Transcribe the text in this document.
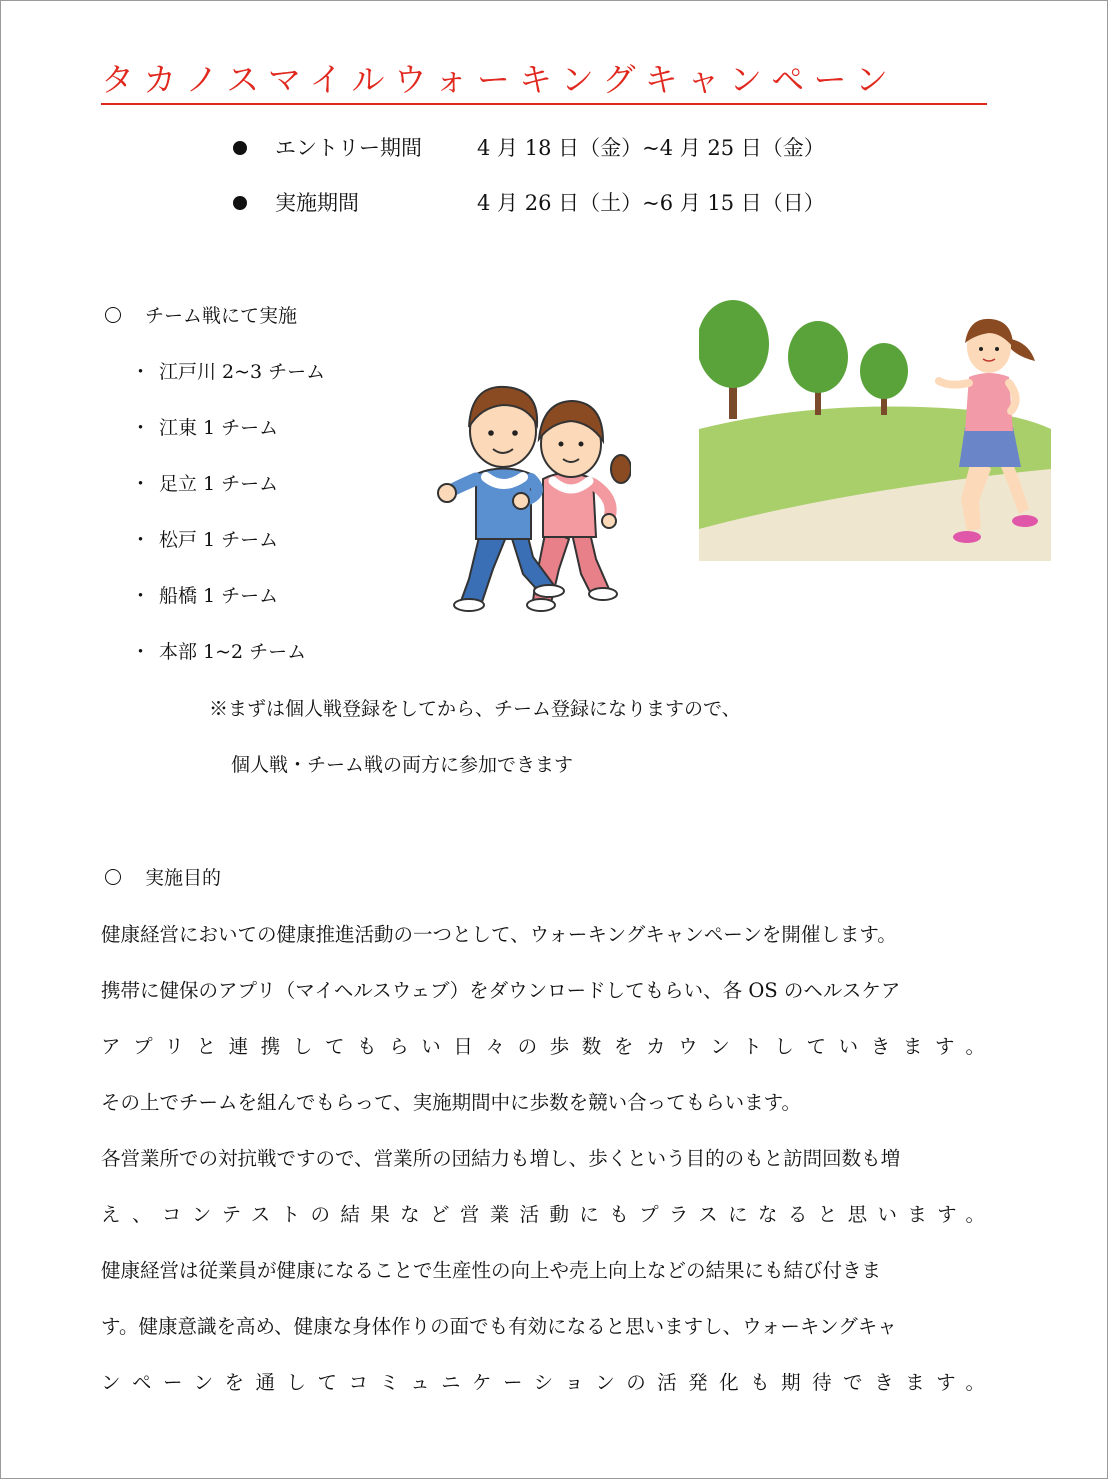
タカノスマイルウォーキングキャンペーン
エントリー期間	4 月 18 日（金）~4 月 25 日（金）
実施期間	4 月 26 日（土）~6 月 15 日（日）
チーム戦にて実施
・ 江戸川 2~3 チーム
・ 江東 1 チーム
・ 足立 1 チーム
・ 松戸 1 チーム
・ 船橋 1 チーム
・ 本部 1~2 チーム
※まずは個人戦登録をしてから、チーム登録になりますので、
個人戦・チーム戦の両方に参加できます
実施目的
健康経営においての健康推進活動の一つとして、ウォーキングキャンペーンを開催します。
携帯に健保のアプリ（マイヘルスウェブ）をダウンロードしてもらい、各 OS のヘルスケア
アプリと連携してもらい日々の歩数をカウントしていきます。
その上でチームを組んでもらって、実施期間中に歩数を競い合ってもらいます。
各営業所での対抗戦ですので、営業所の団結力も増し、歩くという目的のもと訪問回数も増
え、コンテストの結果など営業活動にもプラスになると思います。
健康経営は従業員が健康になることで生産性の向上や売上向上などの結果にも結び付きま
す。健康意識を高め、健康な身体作りの面でも有効になると思いますし、ウォーキングキャ
ンペーンを通してコミュニケーションの活発化も期待できます。
